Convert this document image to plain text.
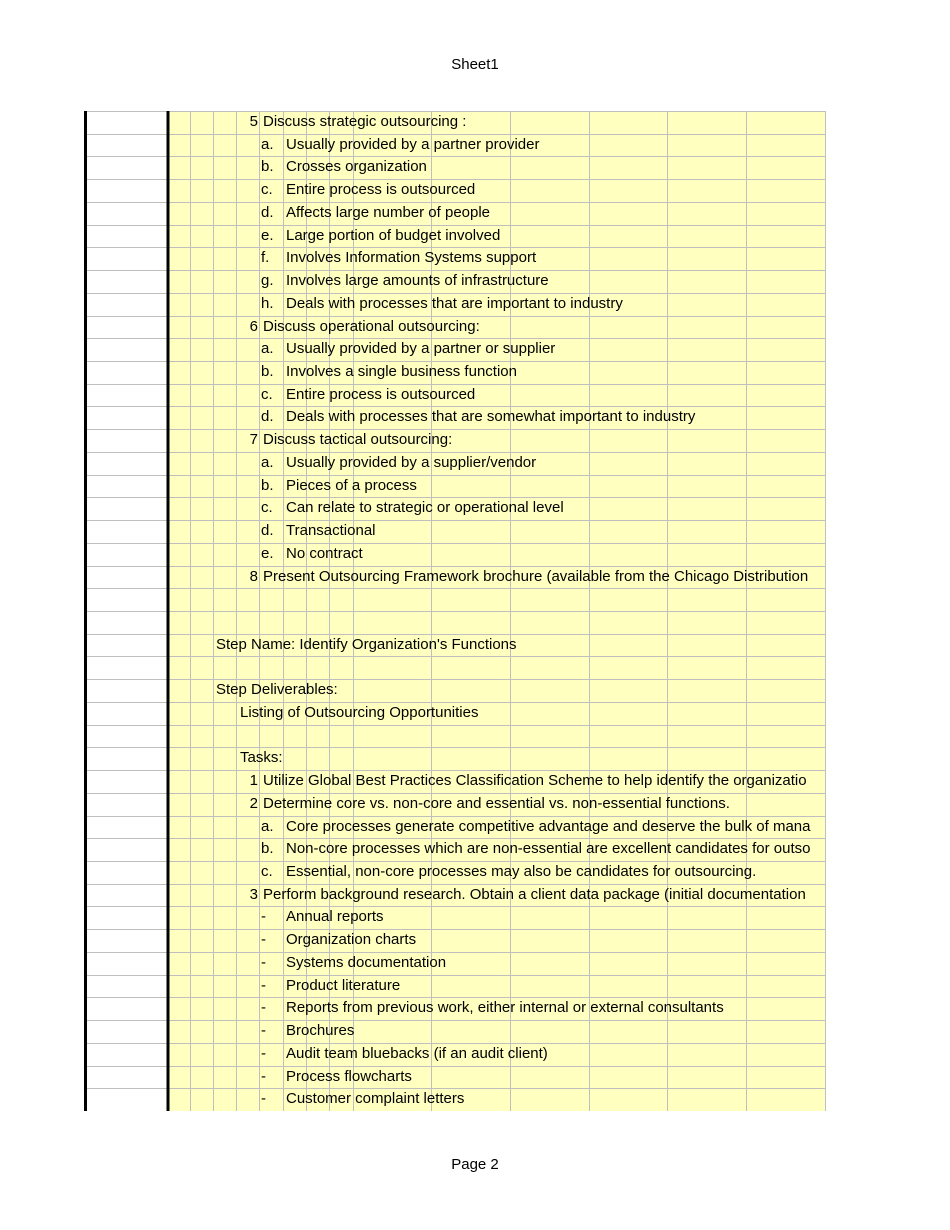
Sheet1
5 Discuss strategic outsourcing :
a. Usually provided by a partner provider
b. Crosses organization
c. Entire process is outsourced
d. Affects large number of people
e. Large portion of budget involved
f.	Involves Information Systems support
g. Involves large amounts of infrastructure
h. Deals with processes that are important to industry
6 Discuss operational outsourcing:
a. Usually provided by a partner or supplier
b. Involves a single business function
c. Entire process is outsourced
d. Deals with processes that are somewhat important to industry
7 Discuss tactical outsourcing:
a. Usually provided by a supplier/vendor
b. Pieces of a process
c. Can relate to strategic or operational level
d. Transactional
e. No contract
8 Present Outsourcing Framework brochure (available from the Chicago Distribution
Step Name: Identify Organization's Functions
Step Deliverables:
Listing of Outsourcing Opportunities
Tasks:
1 Utilize Global Best Practices Classification Scheme to help identify the organizatio
2 Determine core vs. non-core and essential vs. non-essential functions.
a. Core processes generate competitive advantage and deserve the bulk of mana
b. Non-core processes which are non-essential are excellent candidates for outso
c. Essential, non-core processes may also be candidates for outsourcing.
3 Perform background research. Obtain a client data package (initial documentation
-	Annual reports
-	Organization charts
-	Systems documentation
-	Product literature
-	Reports from previous work, either internal or external consultants
-	Brochures
-	Audit team bluebacks (if an audit client)
-	Process flowcharts
-	Customer complaint letters
Page 2
